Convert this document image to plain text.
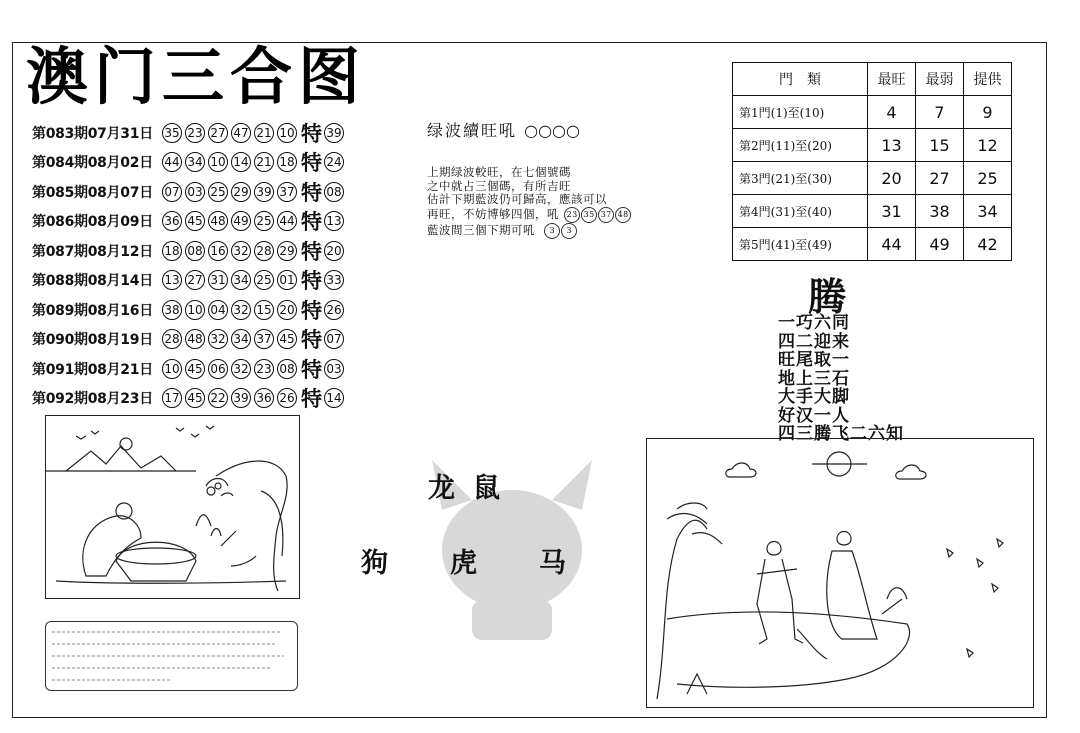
澳门三合图
第083期07月31日 35 23 27 47 21 10 特 39
第084期08月02日 44 34 10 14 21 18 特 24
第085期08月07日 07 03 25 29 39 37 特 08
第086期08月09日 36 45 48 49 25 44 特 13
第087期08月12日 18 08 16 32 28 29 特 20
第088期08月14日 13 27 31 34 25 01 特 33
第089期08月16日 38 10 04 32 15 20 特 26
第090期08月19日 28 48 32 34 37 45 特 07
第091期08月21日 10 45 06 32 23 08 特 03
第092期08月23日 17 45 22 39 36 26 特 14
绿波續旺吼 ○○○○
上期绿波較旺，在七個號碼
之中就占三個碼，有所吉旺
估計下期藍波仍可歸高，應該可以
再旺，不妨博够四個，吼 23 35 37 48
藍波間三個下期可吼 3 3
門　類	最旺	最弱	提供
第1門(1)至(10)	4	7	9
第2門(11)至(20)	13	15	12
第3門(21)至(30)	20	27	25
第4門(31)至(40)	31	38	34
第5門(41)至(49)	44	49	42
腾
一巧六同
四二迎来
旺尾取一
地上三石
大手大脚
好汉一人
四三腾飞二六知
龙鼠
狗虎马
